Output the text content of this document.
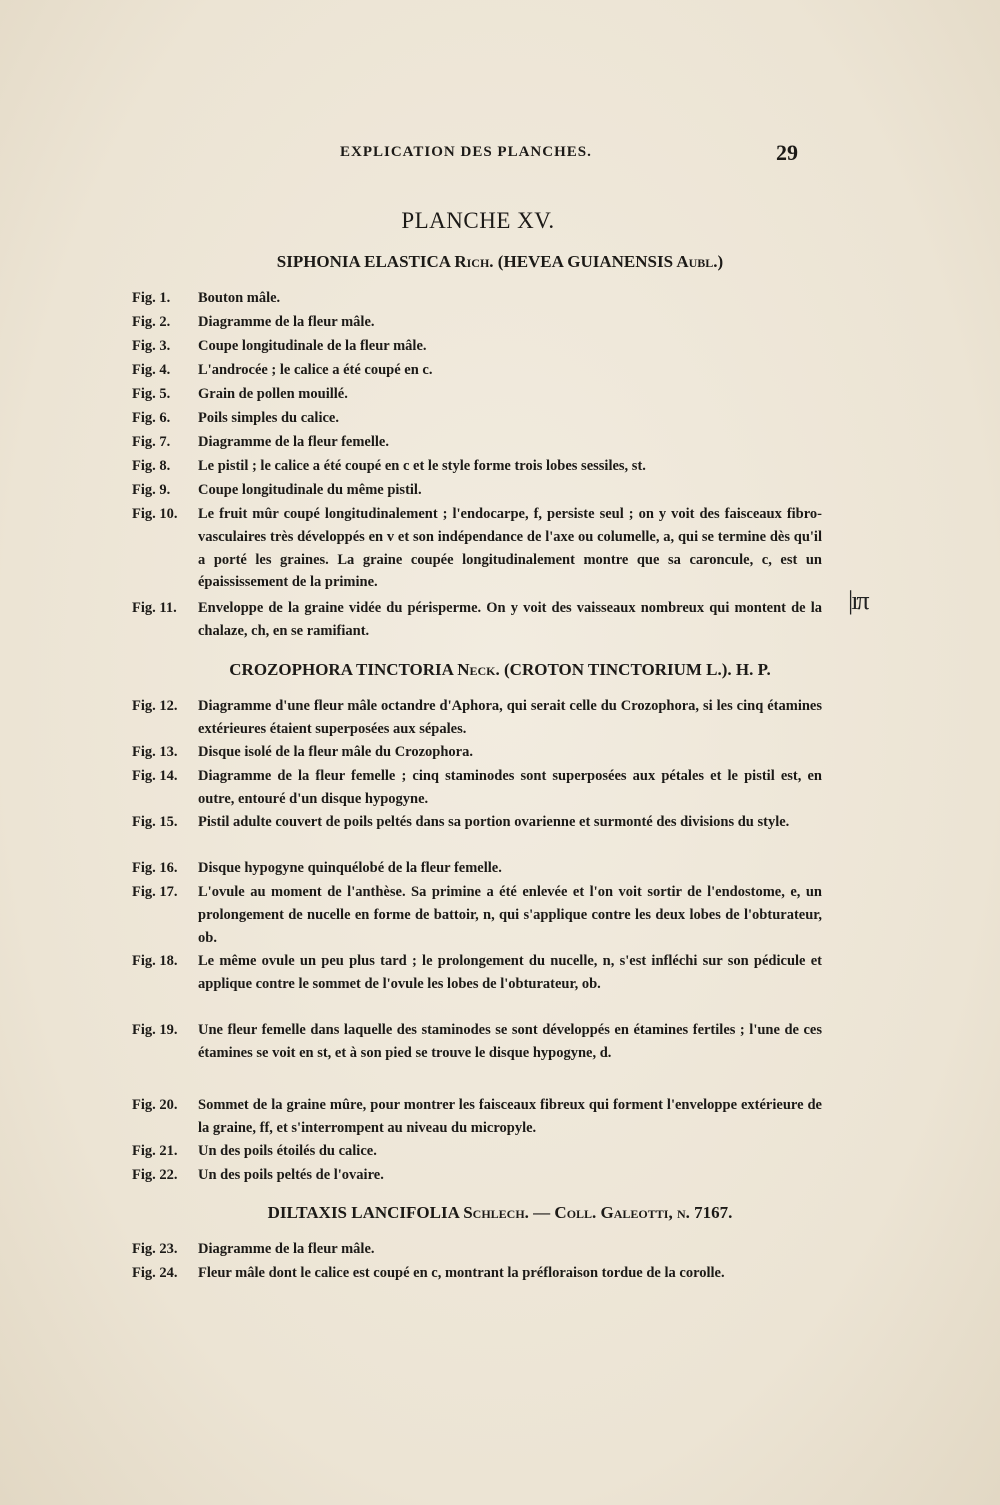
EXPLICATION DES PLANCHES.	29
PLANCHE XV.
SIPHONIA ELASTICA Rich. (HEVEA GUIANENSIS Aubl.)
Fig. 1.	Bouton mâle.
Fig. 2.	Diagramme de la fleur mâle.
Fig. 3.	Coupe longitudinale de la fleur mâle.
Fig. 4.	L'androcée ; le calice a été coupé en c.
Fig. 5.	Grain de pollen mouillé.
Fig. 6.	Poils simples du calice.
Fig. 7.	Diagramme de la fleur femelle.
Fig. 8.	Le pistil ; le calice a été coupé en c et le style forme trois lobes sessiles, st.
Fig. 9.	Coupe longitudinale du même pistil.
Fig. 10.	Le fruit mûr coupé longitudinalement ; l'endocarpe, f, persiste seul ; on y voit des faisceaux fibro-vasculaires très développés en v et son indépendance de l'axe ou columelle, a, qui se termine dès qu'il a porté les graines. La graine coupée longitudinalement montre que sa caroncule, c, est un épaississement de la primine.
Fig. 11.	Enveloppe de la graine vidée du périsperme. On y voit des vaisseaux nombreux qui montent de la chalaze, ch, en se ramifiant.
|ıπ
CROZOPHORA TINCTORIA Neck. (CROTON TINCTORIUM L.). H. P.
Fig. 12.	Diagramme d'une fleur mâle octandre d'Aphora, qui serait celle du Crozophora, si les cinq étamines extérieures étaient superposées aux sépales.
Fig. 13.	Disque isolé de la fleur mâle du Crozophora.
Fig. 14.	Diagramme de la fleur femelle ; cinq staminodes sont superposées aux pétales et le pistil est, en outre, entouré d'un disque hypogyne.
Fig. 15.	Pistil adulte couvert de poils peltés dans sa portion ovarienne et surmonté des divisions du style.
Fig. 16.	Disque hypogyne quinquélobé de la fleur femelle.
Fig. 17.	L'ovule au moment de l'anthèse. Sa primine a été enlevée et l'on voit sortir de l'endostome, e, un prolongement de nucelle en forme de battoir, n, qui s'applique contre les deux lobes de l'obturateur, ob.
Fig. 18.	Le même ovule un peu plus tard ; le prolongement du nucelle, n, s'est infléchi sur son pédicule et applique contre le sommet de l'ovule les lobes de l'obturateur, ob.
Fig. 19.	Une fleur femelle dans laquelle des staminodes se sont développés en étamines fertiles ; l'une de ces étamines se voit en st, et à son pied se trouve le disque hypogyne, d.
Fig. 20.	Sommet de la graine mûre, pour montrer les faisceaux fibreux qui forment l'enveloppe extérieure de la graine, ff, et s'interrompent au niveau du micropyle.
Fig. 21.	Un des poils étoilés du calice.
Fig. 22.	Un des poils peltés de l'ovaire.
DILTAXIS LANCIFOLIA Schlech. — Coll. Galeotti, n. 7167.
Fig. 23.	Diagramme de la fleur mâle.
Fig. 24.	Fleur mâle dont le calice est coupé en c, montrant la préfloraison tordue de la corolle.
